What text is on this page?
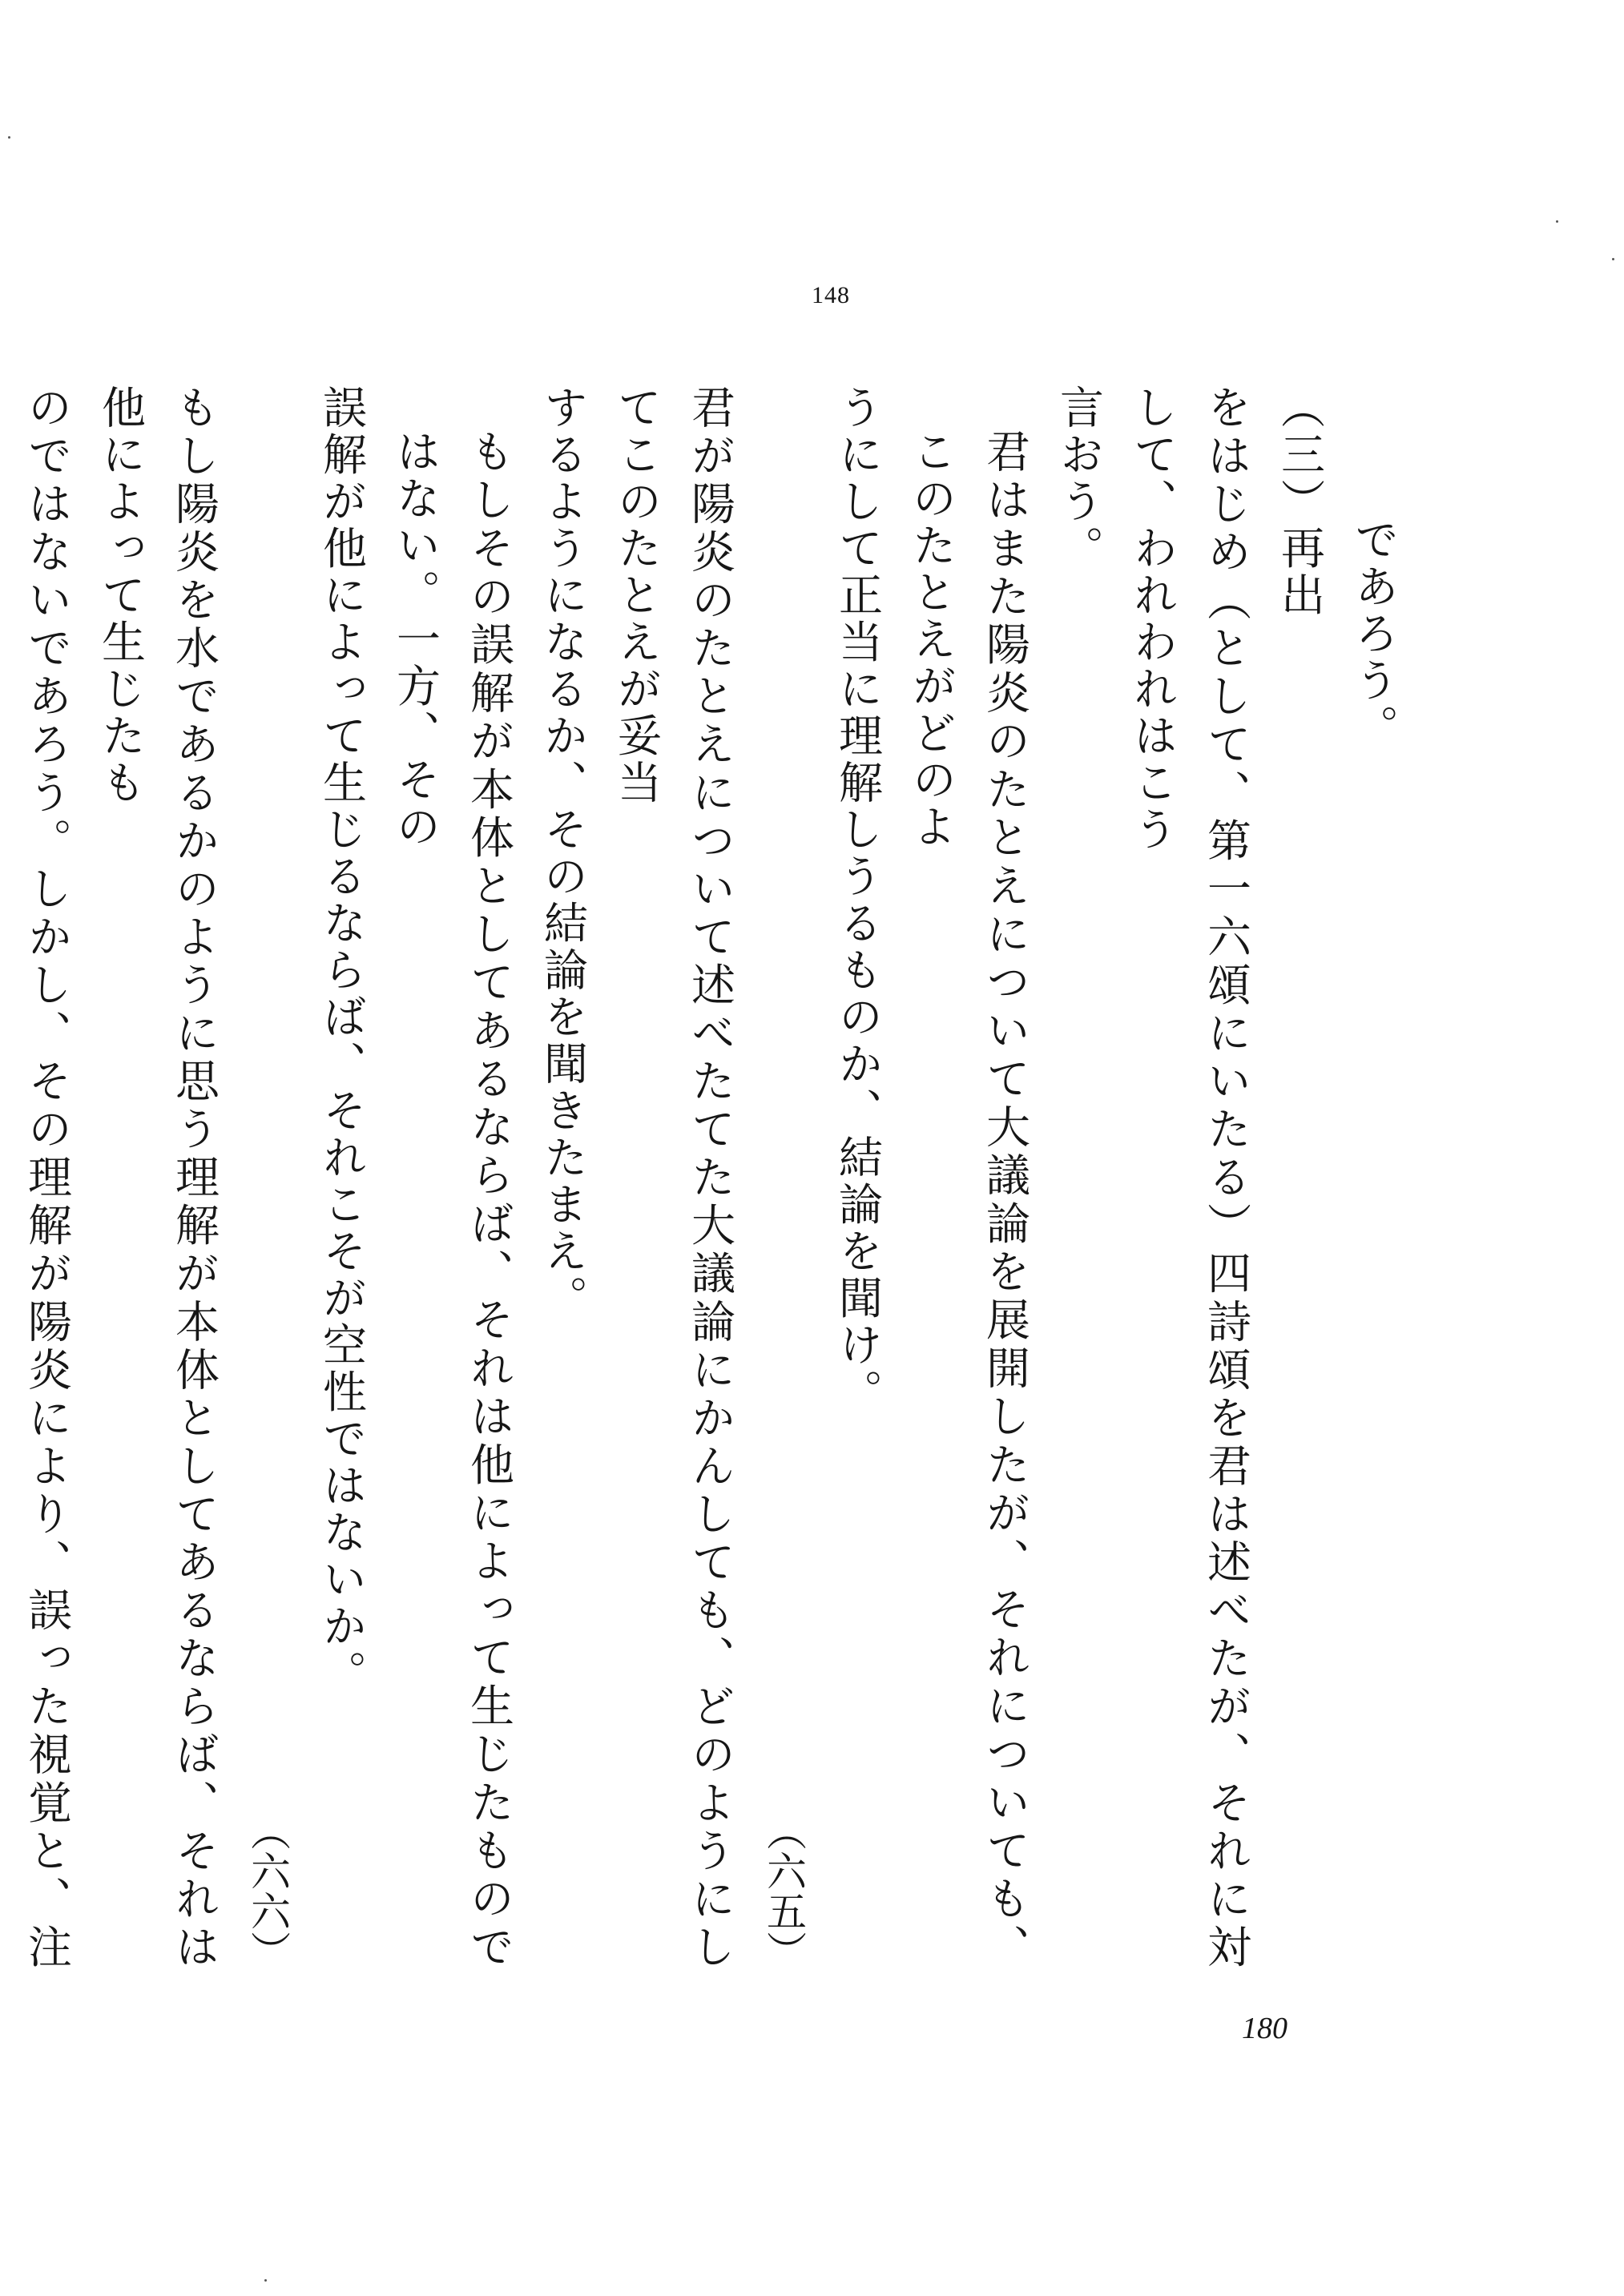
148

であろう。

（三）再出

をはじめ（として、第一六頌にいたる）四詩頌を君は述べたが、それに対して、われわれはこう

言おう。

君はまた陽炎のたとえについて大議論を展開したが、それについても、このたとえがどのよ

うにして正当に理解しうるものか、結論を聞け。
（六五）

君が陽炎のたとえについて述べたてた大議論にかんしても、どのようにしてこのたとえが妥当

するようになるか、その結論を聞きたまえ。

もしその誤解が本体としてあるならば、それは他によって生じたものではない。一方、その

誤解が他によって生じるならば、それこそが空性ではないか。
（六六）

もし陽炎を水であるかのように思う理解が本体としてあるならば、それは他によって生じたも

のではないであろう。しかし、その理解が陽炎により、誤った視覚と、注

180
